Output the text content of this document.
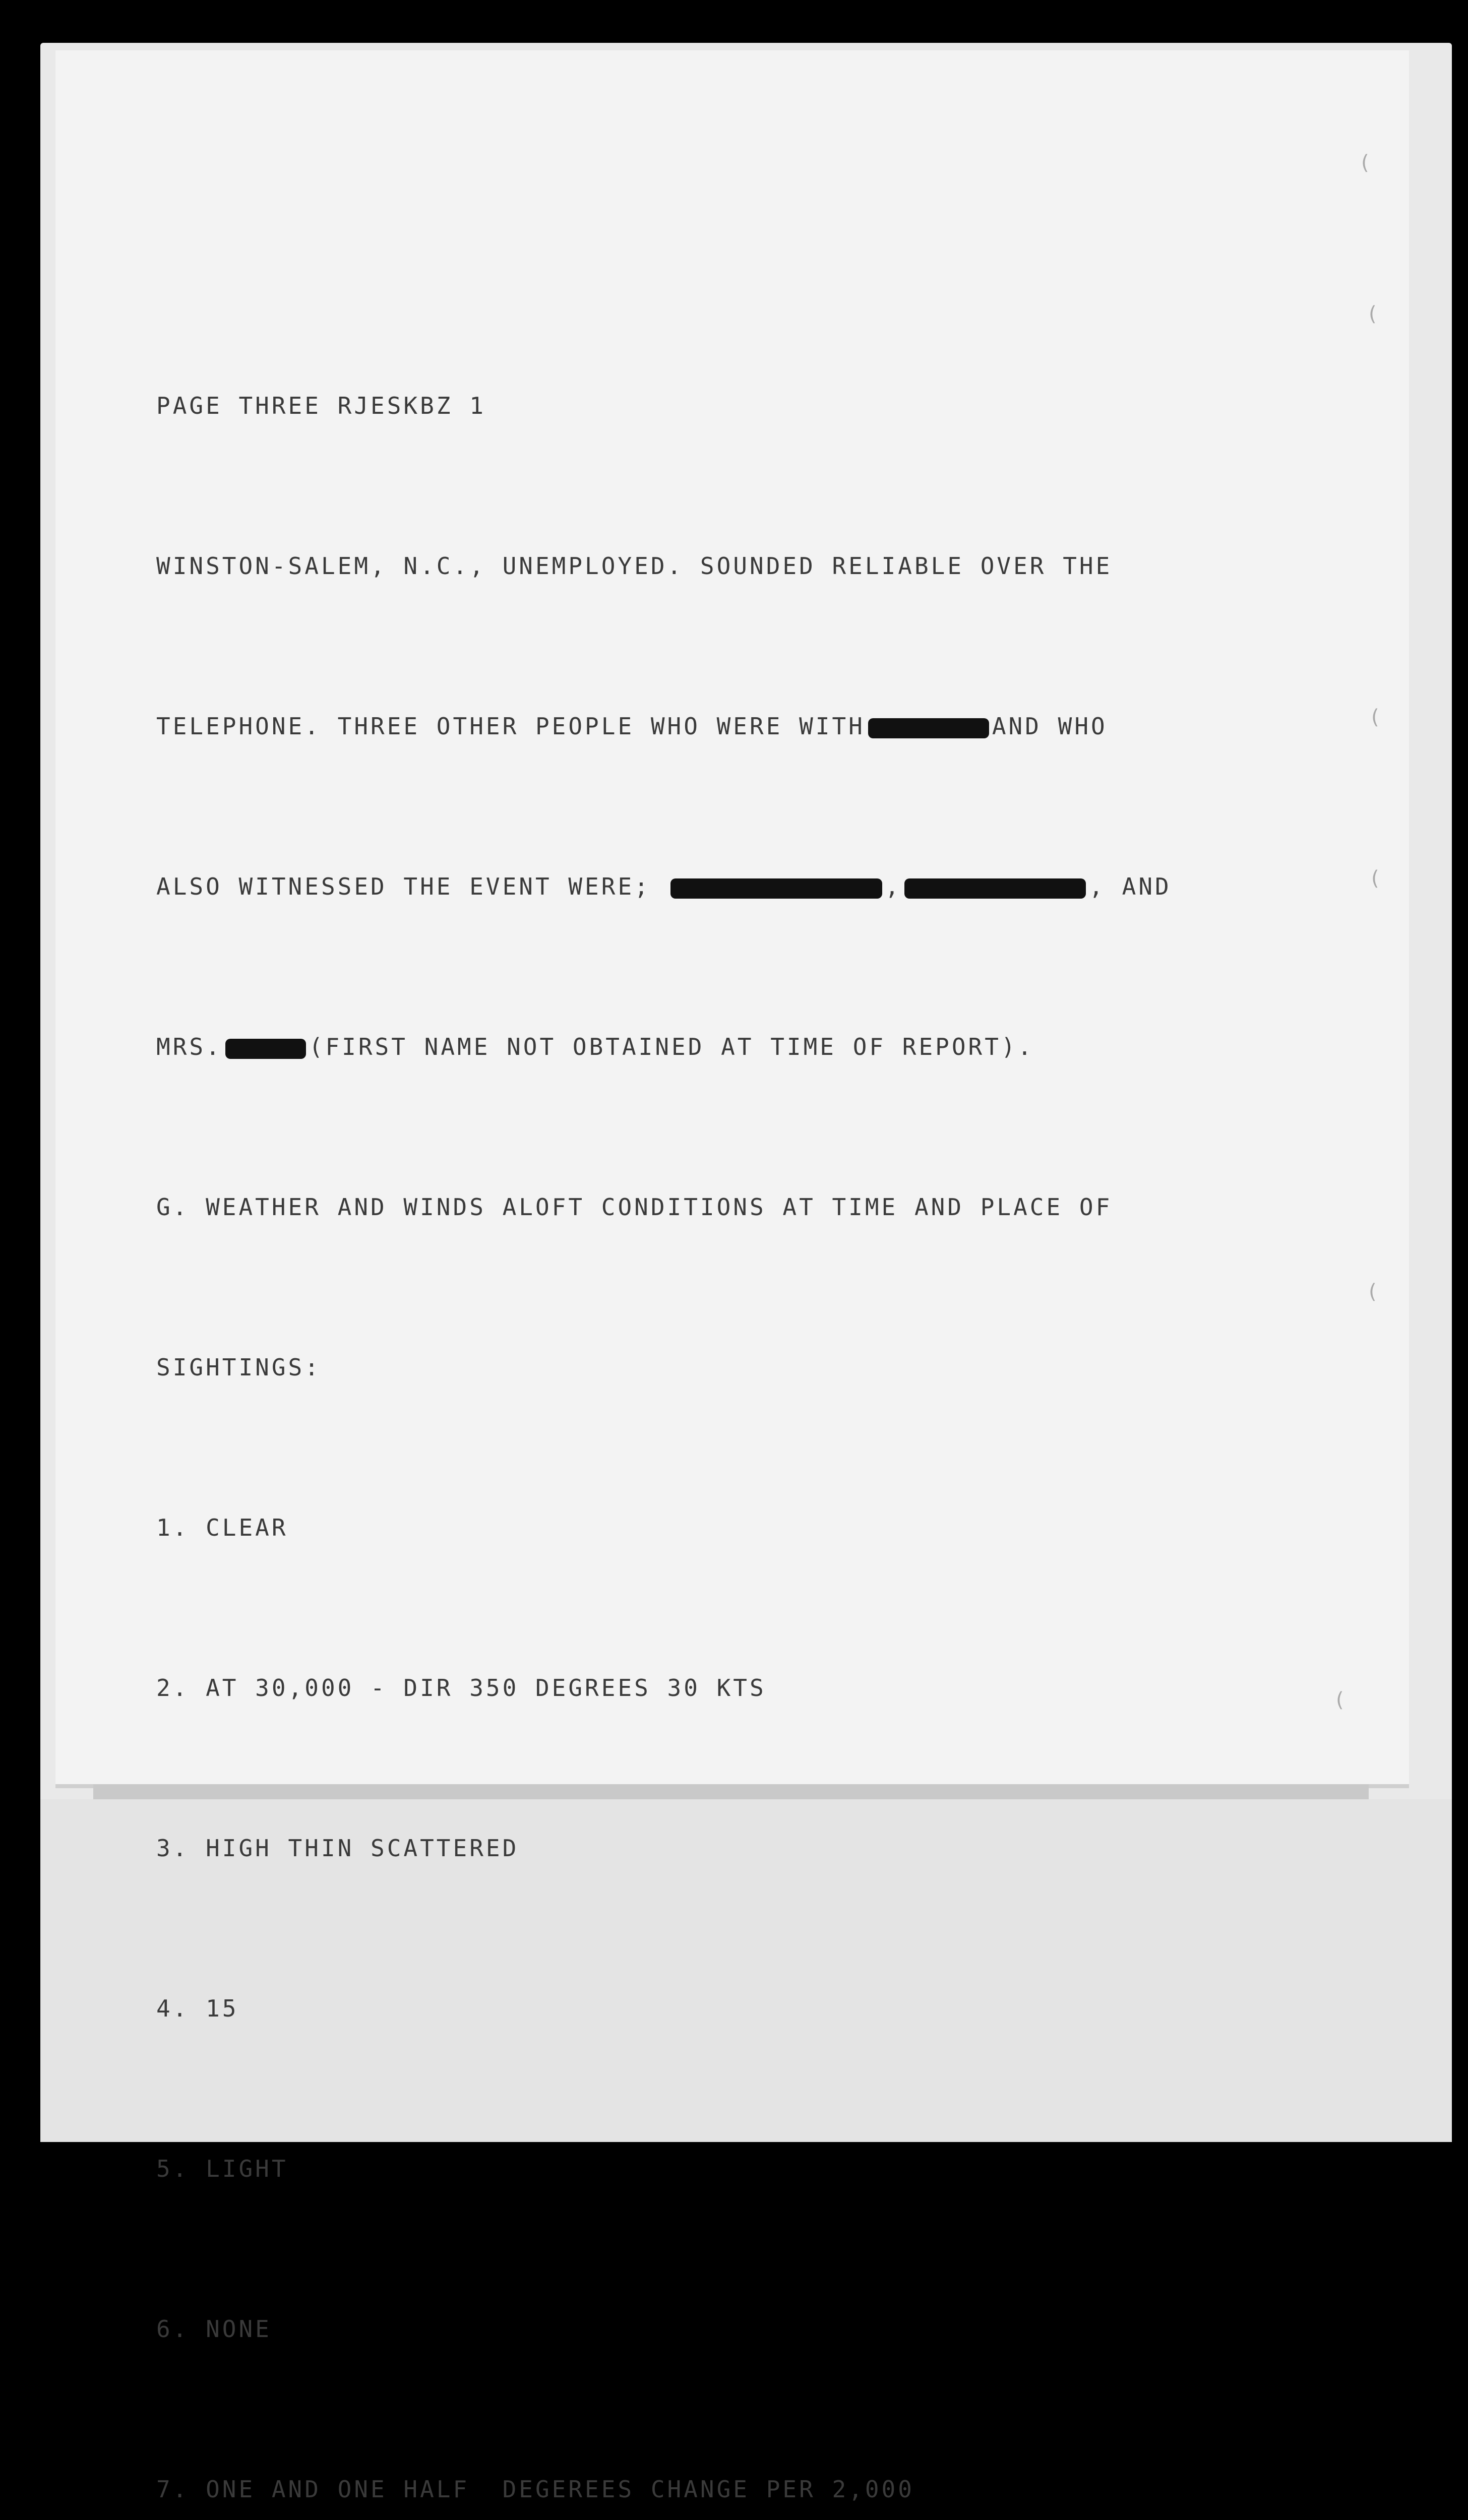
PAGE THREE RJESKBZ 1

WINSTON-SALEM, N.C., UNEMPLOYED. SOUNDED RELIABLE OVER THE

TELEPHONE. THREE OTHER PEOPLE WHO WERE WITH	AND WHO

ALSO WITNESSED THE EVENT WERE;	,	, AND

MRS.	(FIRST NAME NOT OBTAINED AT TIME OF REPORT).

G. WEATHER AND WINDS ALOFT CONDITIONS AT TIME AND PLACE OF

SIGHTINGS:

1. CLEAR

2. AT 30,000 - DIR 350 DEGREES 30 KTS

3. HIGH THIN SCATTERED

4. 15

5. LIGHT

6. NONE

7. ONE AND ONE HALF  DEGEREES CHANGE PER 2,000

(
(
(
(
(
(
